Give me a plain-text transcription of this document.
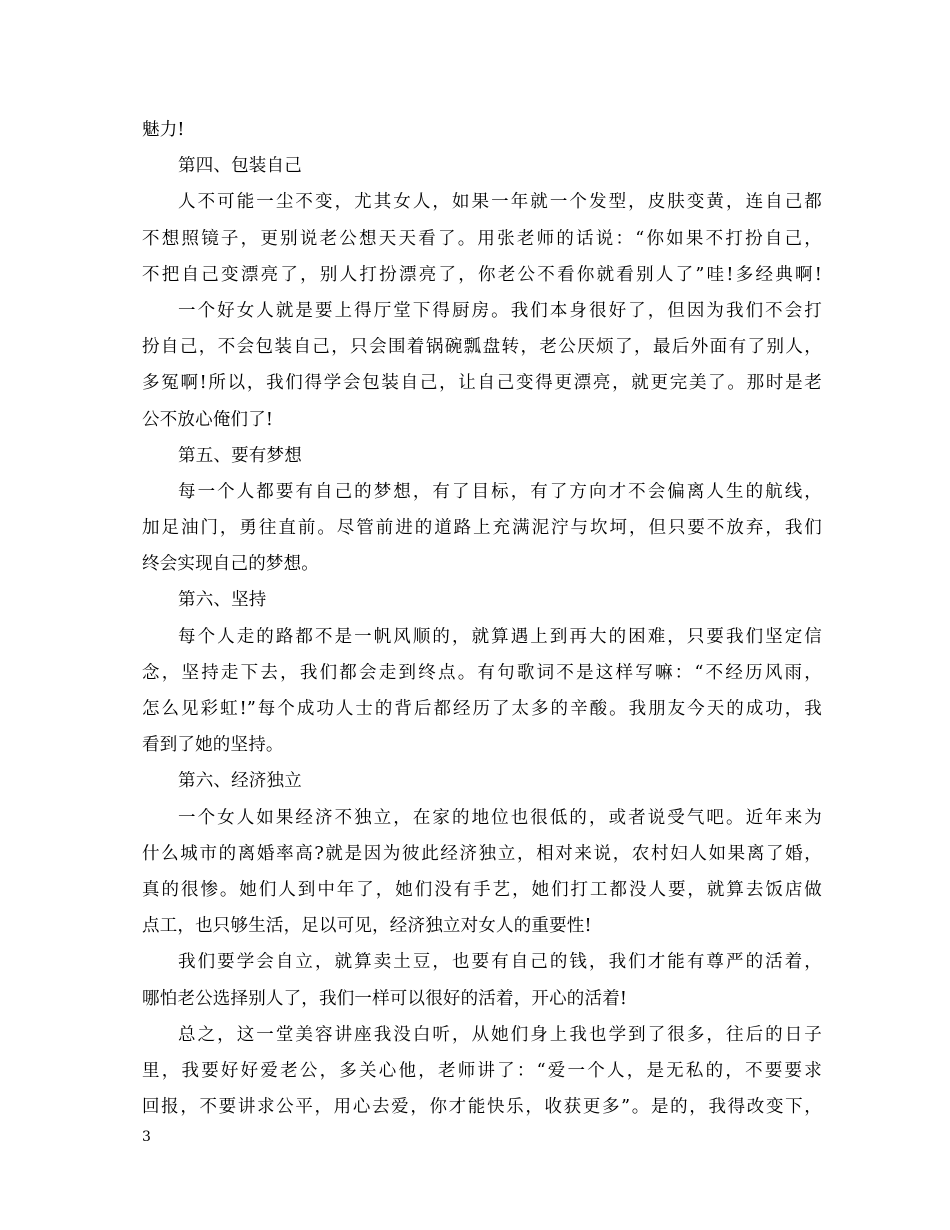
魅力!
第四、包装自己
人不可能一尘不变，尤其女人，如果一年就一个发型，皮肤变黄，连自己都
不想照镜子，更别说老公想天天看了。用张老师的话说：“你如果不打扮自己，
不把自己变漂亮了，别人打扮漂亮了，你老公不看你就看别人了”哇!多经典啊!
一个好女人就是要上得厅堂下得厨房。我们本身很好了，但因为我们不会打
扮自己，不会包装自己，只会围着锅碗瓢盘转，老公厌烦了，最后外面有了别人，
多冤啊!所以，我们得学会包装自己，让自己变得更漂亮，就更完美了。那时是老
公不放心俺们了!
第五、要有梦想
每一个人都要有自己的梦想，有了目标，有了方向才不会偏离人生的航线，
加足油门，勇往直前。尽管前进的道路上充满泥泞与坎坷，但只要不放弃，我们
终会实现自己的梦想。
第六、坚持
每个人走的路都不是一帆风顺的，就算遇上到再大的困难，只要我们坚定信
念，坚持走下去，我们都会走到终点。有句歌词不是这样写嘛：“不经历风雨，
怎么见彩虹!”每个成功人士的背后都经历了太多的辛酸。我朋友今天的成功，我
看到了她的坚持。
第六、经济独立
一个女人如果经济不独立，在家的地位也很低的，或者说受气吧。近年来为
什么城市的离婚率高?就是因为彼此经济独立，相对来说，农村妇人如果离了婚，
真的很惨。她们人到中年了，她们没有手艺，她们打工都没人要，就算去饭店做
点工，也只够生活，足以可见，经济独立对女人的重要性!
我们要学会自立，就算卖土豆，也要有自己的钱，我们才能有尊严的活着，
哪怕老公选择别人了，我们一样可以很好的活着，开心的活着!
总之，这一堂美容讲座我没白听，从她们身上我也学到了很多，往后的日子
里，我要好好爱老公，多关心他，老师讲了：“爱一个人，是无私的，不要要求
回报，不要讲求公平，用心去爱，你才能快乐，收获更多”。是的，我得改变下，
3
